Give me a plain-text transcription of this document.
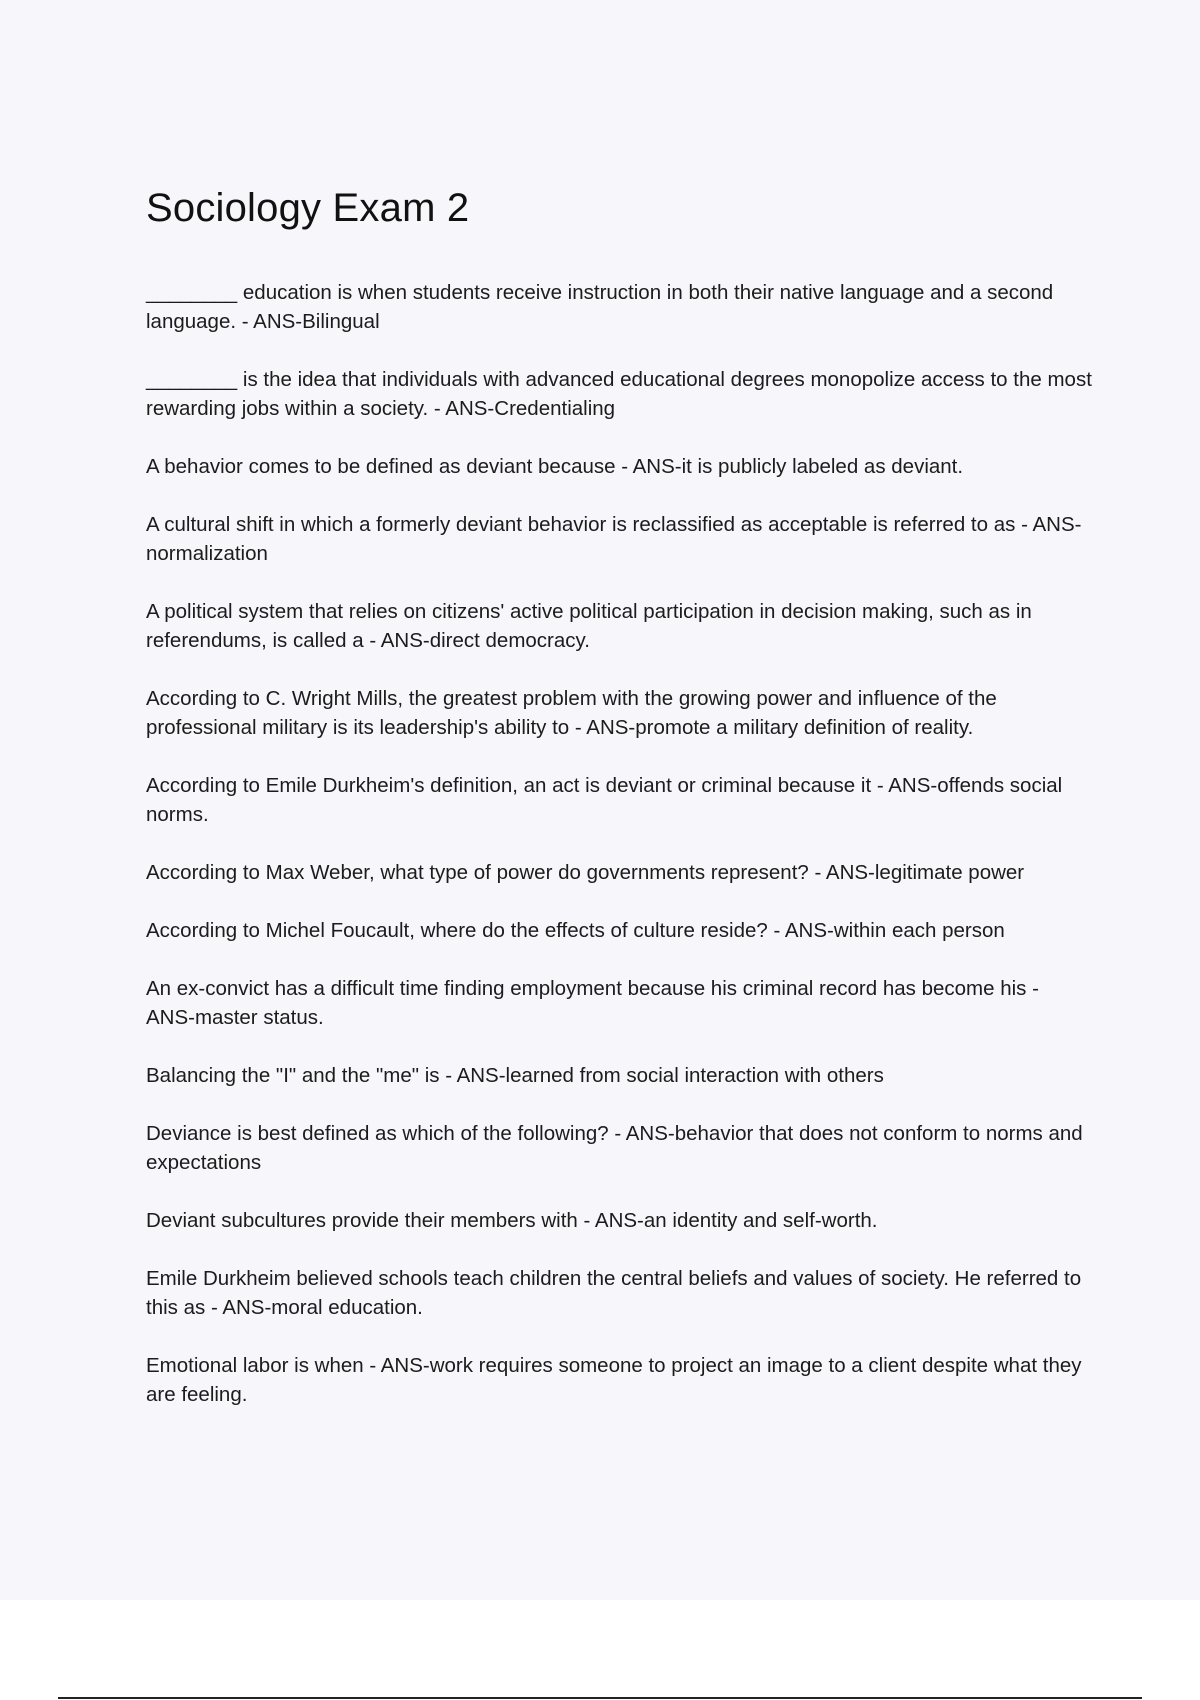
Sociology Exam 2

________ education is when students receive instruction in both their native language and a second language. - ANS-Bilingual

________ is the idea that individuals with advanced educational degrees monopolize access to the most rewarding jobs within a society. - ANS-Credentialing

A behavior comes to be defined as deviant because - ANS-it is publicly labeled as deviant.

A cultural shift in which a formerly deviant behavior is reclassified as acceptable is referred to as - ANS-normalization

A political system that relies on citizens' active political participation in decision making, such as in referendums, is called a - ANS-direct democracy.

According to C. Wright Mills, the greatest problem with the growing power and influence of the professional military is its leadership's ability to - ANS-promote a military definition of reality.

According to Emile Durkheim's definition, an act is deviant or criminal because it - ANS-offends social norms.

According to Max Weber, what type of power do governments represent? - ANS-legitimate power

According to Michel Foucault, where do the effects of culture reside? - ANS-within each person

An ex-convict has a difficult time finding employment because his criminal record has become his - ANS-master status.

Balancing the "I" and the "me" is - ANS-learned from social interaction with others

Deviance is best defined as which of the following? - ANS-behavior that does not conform to norms and expectations

Deviant subcultures provide their members with - ANS-an identity and self-worth.

Emile Durkheim believed schools teach children the central beliefs and values of society. He referred to this as - ANS-moral education.

Emotional labor is when - ANS-work requires someone to project an image to a client despite what they are feeling.
